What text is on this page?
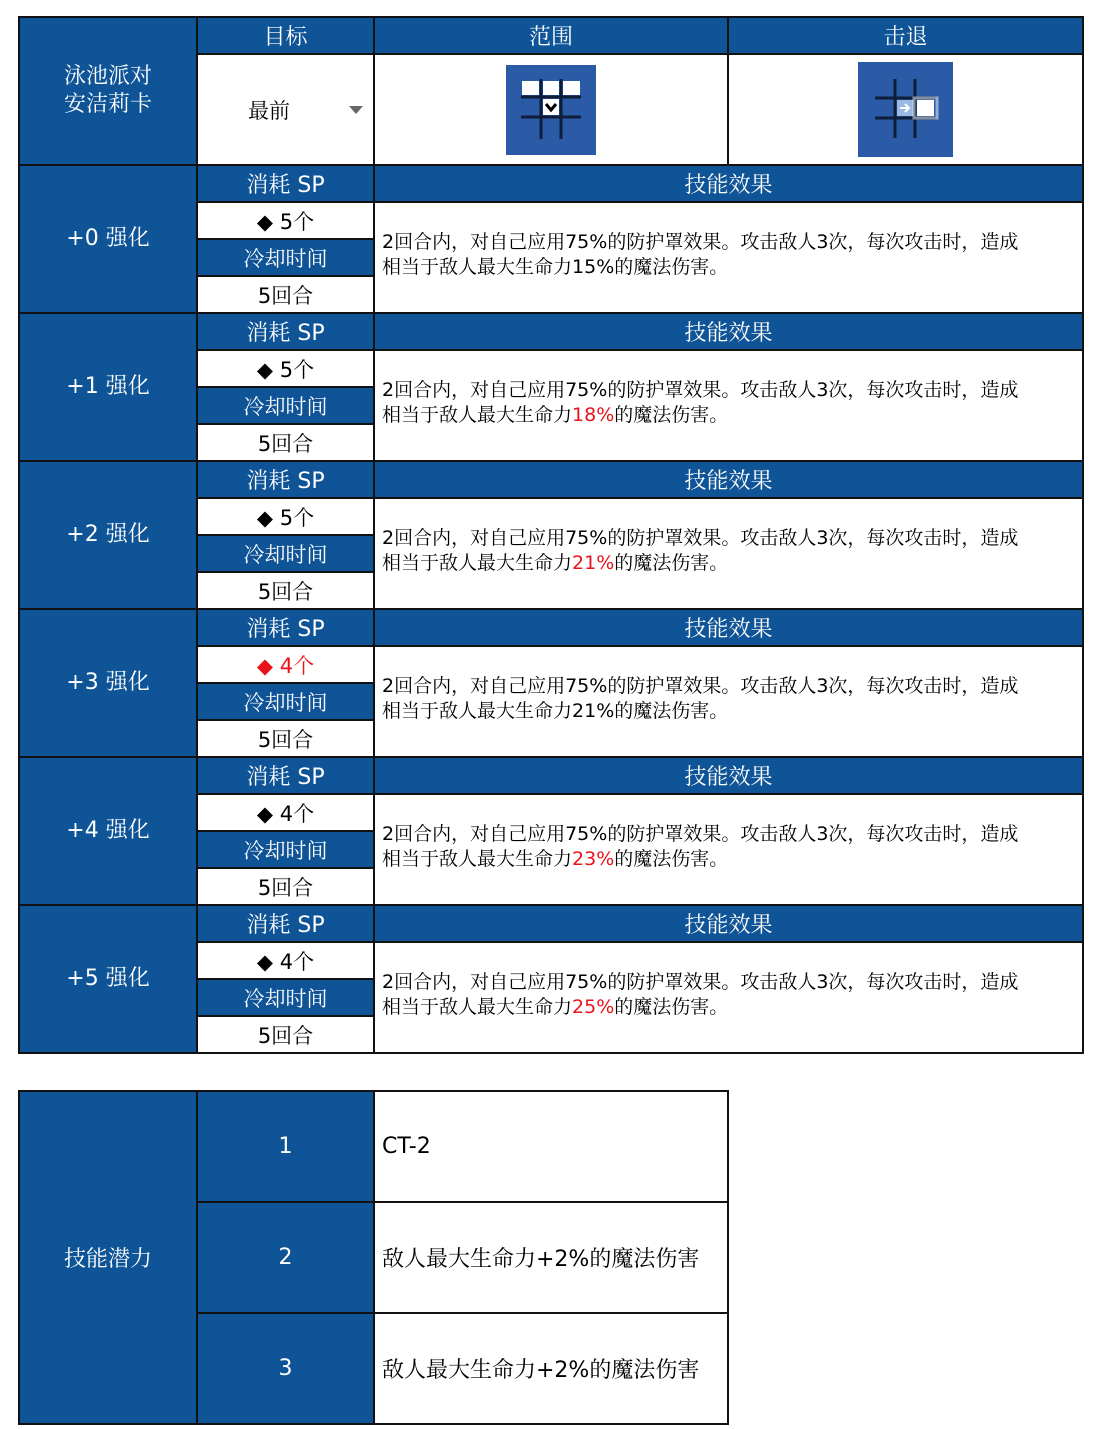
泳池派对
安洁莉卡	目标	范围	击退

	最前

+0 强化	消耗 SP	技能效果	
	◆ 5个	2回合内，对自己应用75%的防护罩效果。攻击敌人3次，每次攻击时，造成
相当于敌人最大生命力15%的魔法伤害。	
	冷却时间		
	5回合		
+1 强化	消耗 SP	技能效果	
	◆ 5个	2回合内，对自己应用75%的防护罩效果。攻击敌人3次，每次攻击时，造成
相当于敌人最大生命力18%的魔法伤害。	
	冷却时间		
	5回合		
+2 强化	消耗 SP	技能效果	
	◆ 5个	2回合内，对自己应用75%的防护罩效果。攻击敌人3次，每次攻击时，造成
相当于敌人最大生命力21%的魔法伤害。	
	冷却时间		
	5回合		
+3 强化	消耗 SP	技能效果	
	◆ 4个	2回合内，对自己应用75%的防护罩效果。攻击敌人3次，每次攻击时，造成
相当于敌人最大生命力21%的魔法伤害。	
	冷却时间		
	5回合		
+4 强化	消耗 SP	技能效果	
	◆ 4个	2回合内，对自己应用75%的防护罩效果。攻击敌人3次，每次攻击时，造成
相当于敌人最大生命力23%的魔法伤害。	
	冷却时间		
	5回合		
+5 强化	消耗 SP	技能效果	
	◆ 4个	2回合内，对自己应用75%的防护罩效果。攻击敌人3次，每次攻击时，造成
相当于敌人最大生命力25%的魔法伤害。	
	冷却时间		
	5回合		
技能潜力	1	CT-2
	2	敌人最大生命力+2%的魔法伤害
	3	敌人最大生命力+2%的魔法伤害
